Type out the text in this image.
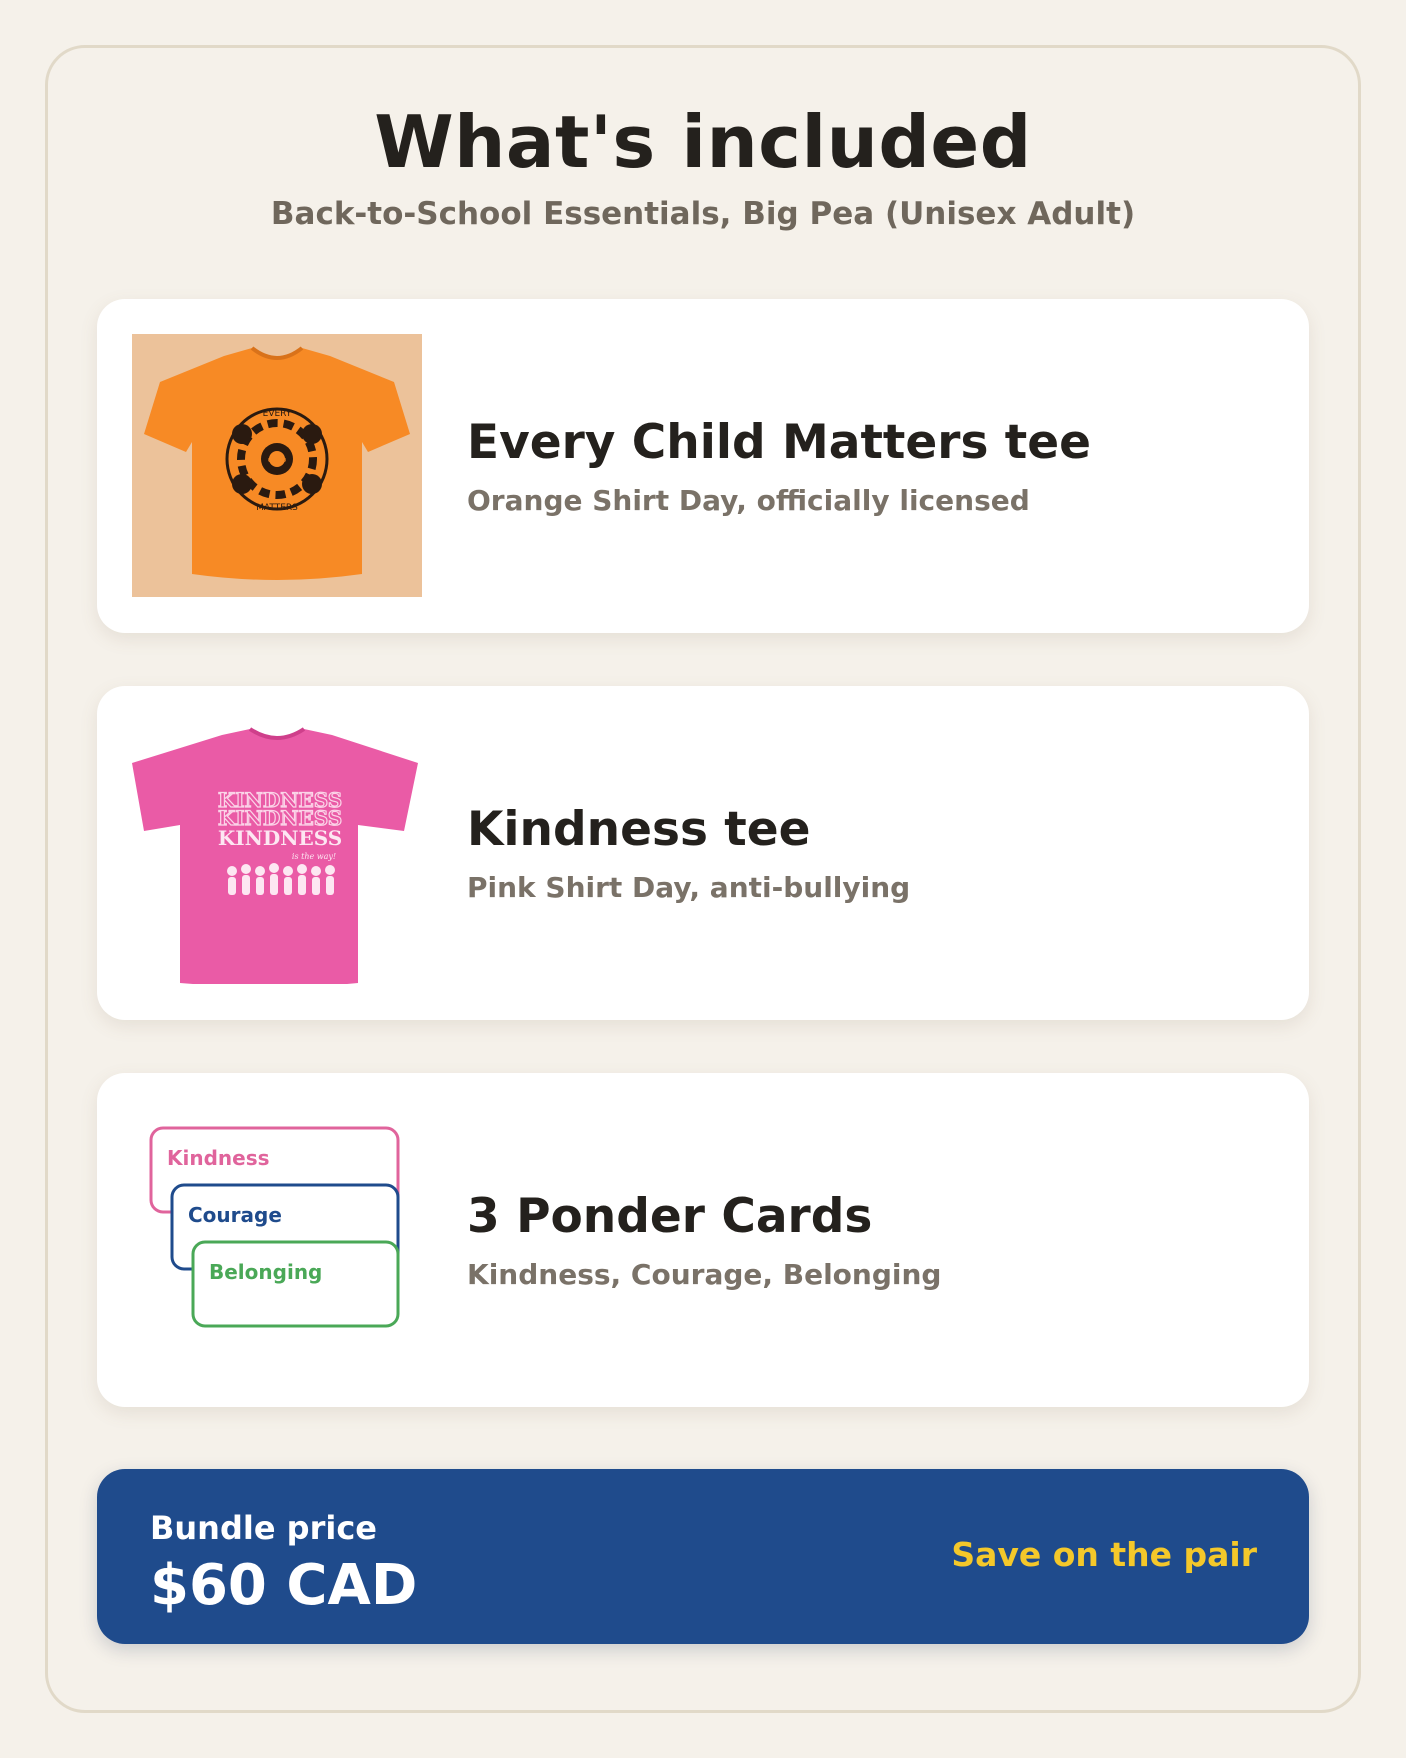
What's included
Back-to-School Essentials, Big Pea (Unisex Adult)
EVERY
CHILD
MATTERS
Every Child Matters tee
Orange Shirt Day, officially licensed
KINDNESS
KINDNESS
KINDNESS
is the way!	Kindness tee
Pink Shirt Day, anti-bullying
Kindness
Courage
Belonging
3 Ponder Cards
Kindness, Courage, Belonging
Bundle price
$60 CAD	Save on the pair
